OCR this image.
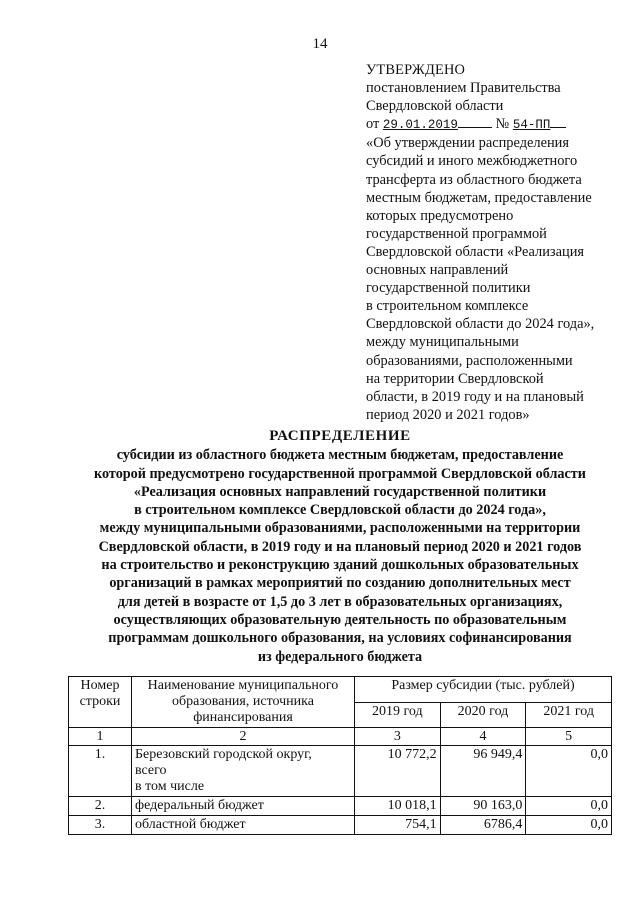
14
УТВЕРЖДЕНО
постановлением Правительства
Свердловской области
от 29.01.2019	№ 54-ПП
«Об утверждении распределения
субсидий и иного межбюджетного
трансферта из областного бюджета
местным бюджетам, предоставление
которых предусмотрено
государственной программой
Свердловской области «Реализация
основных направлений
государственной политики
в строительном комплексе
Свердловской области до 2024 года»,
между муниципальными
образованиями, расположенными
на территории Свердловской
области, в 2019 году и на плановый
период 2020 и 2021 годов»
РАСПРЕДЕЛЕНИЕ
субсидии из областного бюджета местным бюджетам, предоставление
которой предусмотрено государственной программой Свердловской области
«Реализация основных направлений государственной политики
в строительном комплексе Свердловской области до 2024 года»,
между муниципальными образованиями, расположенными на территории
Свердловской области, в 2019 году и на плановый период 2020 и 2021 годов
на строительство и реконструкцию зданий дошкольных образовательных
организаций в рамках мероприятий по созданию дополнительных мест
для детей в возрасте от 1,5 до 3 лет в образовательных организациях,
осуществляющих образовательную деятельность по образовательным
программам дошкольного образования, на условиях софинансирования
из федерального бюджета
Номер строки	Наименование муниципального образования, источника финансирования	Размер субсидии (тыс. рублей)		
		2019 год	2020 год	2021 год
1	2	3	4	5
1.	Березовский городской округ,
всего
в том числе	10 772,2	96 949,4	0,0
2.	федеральный бюджет	10 018,1	90 163,0	0,0
3.	областной бюджет	754,1	6786,4	0,0
